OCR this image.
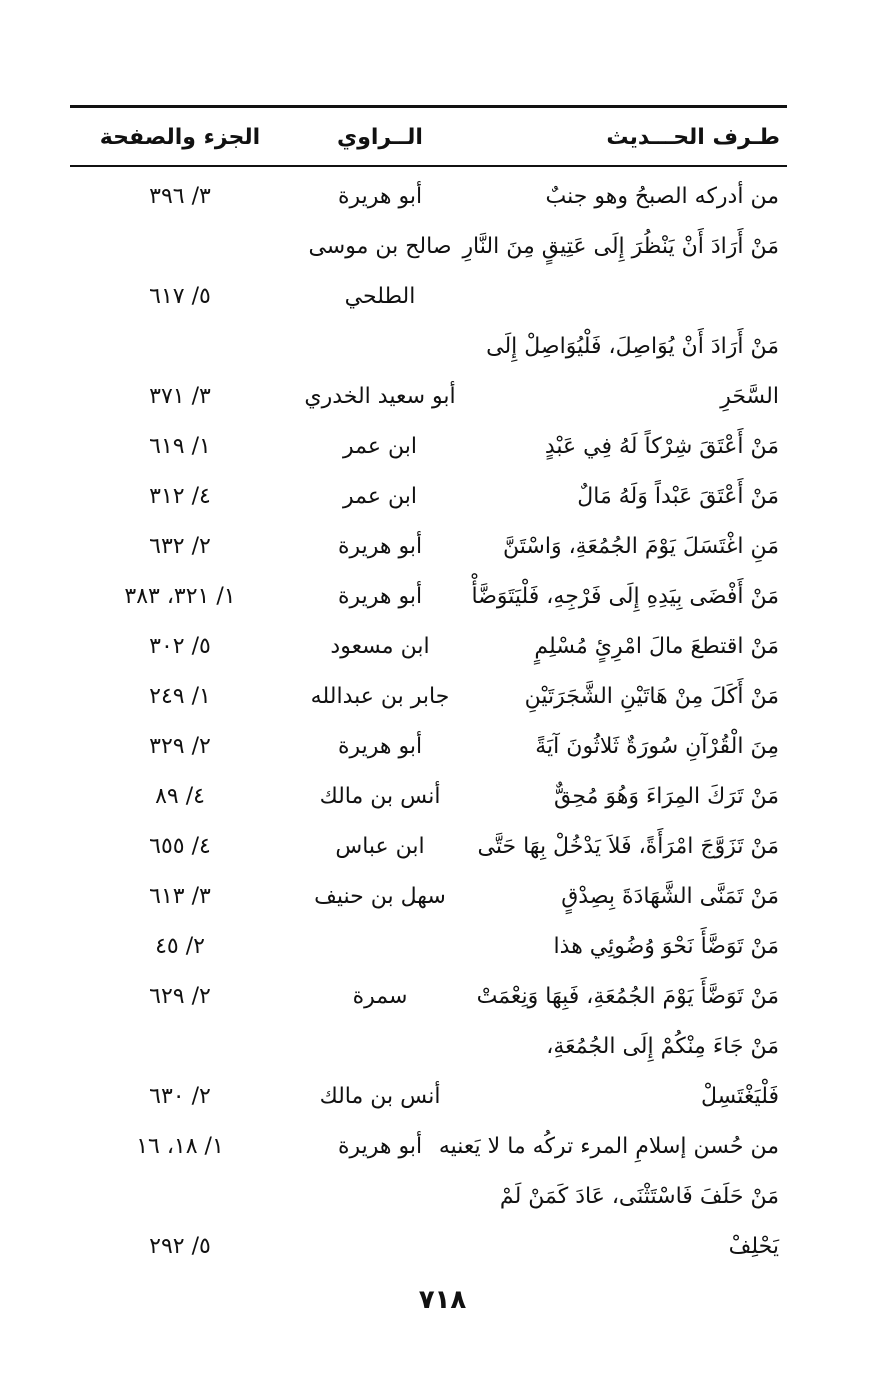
طـرف الحـــديث
الــراوي
الجزء والصفحة
من أدركه الصبحُ وهو جنبٌ
أبو هريرة
٣/ ٣٩٦
مَنْ أَرَادَ أَنْ يَنْظُرَ إِلَى عَتِيقٍ مِنَ النَّارِ
صالح بن موسى
الطلحي
٥/ ٦١٧
مَنْ أَرَادَ أَنْ يُوَاصِلَ، فَلْيُوَاصِلْ إِلَى
السَّحَرِ
أبو سعيد الخدري
٣/ ٣٧١
مَنْ أَعْتَقَ شِرْكاً لَهُ فِي عَبْدٍ
ابن عمر
١/ ٦١٩
مَنْ أَعْتَقَ عَبْداً وَلَهُ مَالٌ
ابن عمر
٤/ ٣١٢
مَنِ اغْتَسَلَ يَوْمَ الجُمُعَةِ، وَاسْتَنَّ
أبو هريرة
٢/ ٦٣٢
مَنْ أَفْضَى بِيَدِهِ إِلَى فَرْجِهِ، فَلْيَتَوَضَّأْ
أبو هريرة
١/ ٣٢١، ٣٨٣
مَنْ اقتطعَ مالَ امْرِئٍ مُسْلِمٍ
ابن مسعود
٥/ ٣٠٢
مَنْ أَكَلَ مِنْ هَاتَيْنِ الشَّجَرَتَيْنِ
جابر بن عبدالله
١/ ٢٤٩
مِنَ الْقُرْآنِ سُورَةٌ ثَلاثُونَ آيَةً
أبو هريرة
٢/ ٣٢٩
مَنْ تَرَكَ المِرَاءَ وَهُوَ مُحِقٌّ
أنس بن مالك
٤/ ٨٩
مَنْ تَزَوَّجَ امْرَأَةً، فَلاَ يَدْخُلْ بِهَا حَتَّى
ابن عباس
٤/ ٦٥٥
مَنْ تَمَنَّى الشَّهَادَةَ بِصِدْقٍ
سهل بن حنيف
٣/ ٦١٣
مَنْ تَوَضَّأَ نَحْوَ وُضُوئِي هذا
٢/ ٤٥
مَنْ تَوَضَّأَ يَوْمَ الجُمُعَةِ، فَبِهَا وَنِعْمَتْ
سمرة
٢/ ٦٢٩
مَنْ جَاءَ مِنْكُمْ إِلَى الجُمُعَةِ،
فَلْيَغْتَسِلْ
أنس بن مالك
٢/ ٦٣٠
من حُسن إسلامِ المرء تركُه ما لا يَعنيه
أبو هريرة
١/ ١٨، ١٦
مَنْ حَلَفَ فَاسْتَثْنَى، عَادَ كَمَنْ لَمْ
يَحْلِفْ
٥/ ٢٩٢
٧١٨
